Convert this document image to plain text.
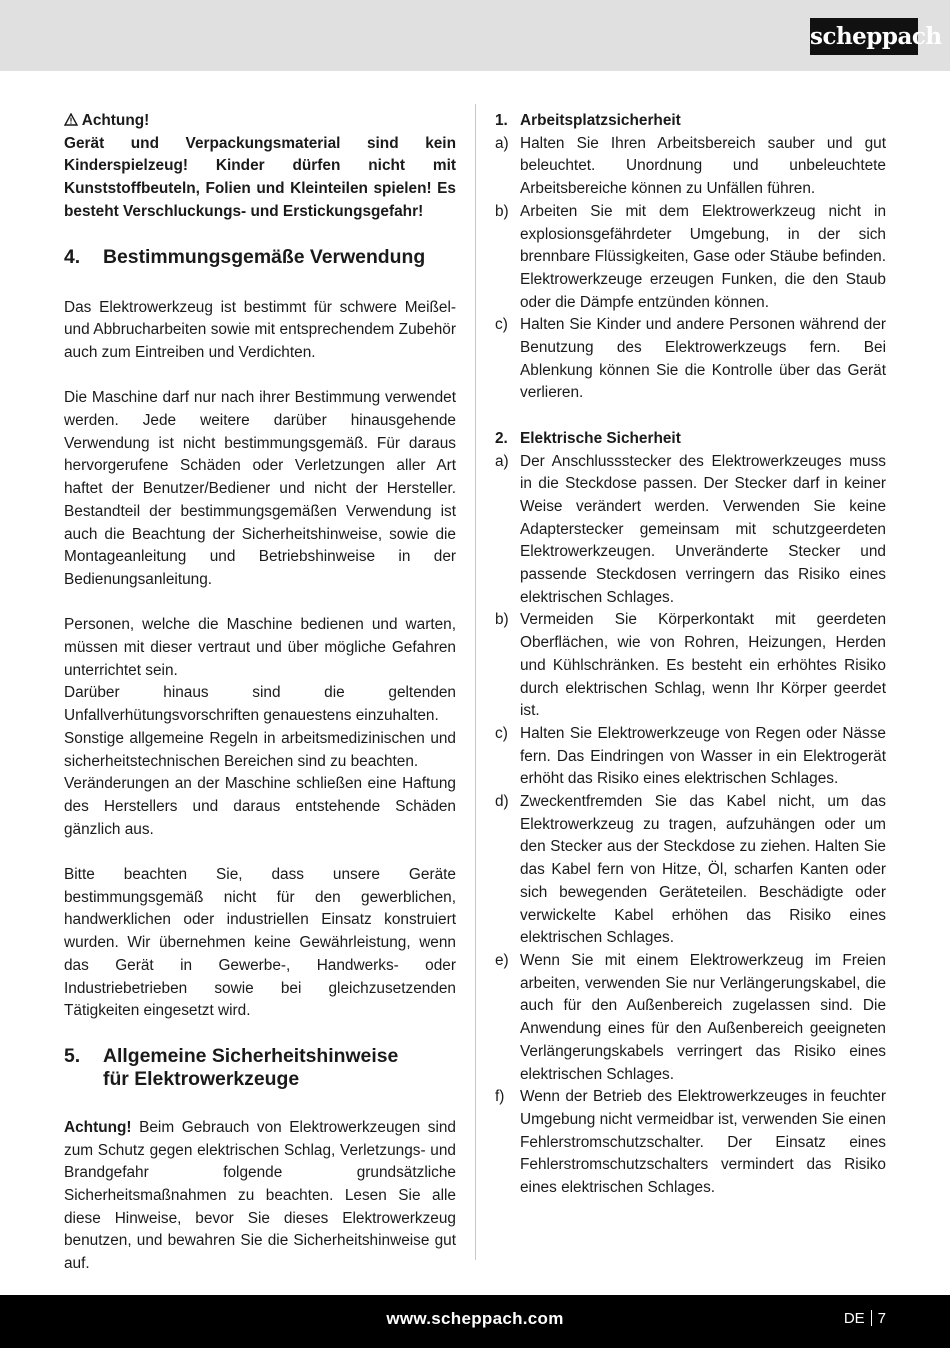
scheppach
Achtung!
Gerät und Verpackungsmaterial sind kein Kinderspielzeug! Kinder dürfen nicht mit Kunststoffbeuteln, Folien und Kleinteilen spielen! Es besteht Verschluckungs- und Erstickungsgefahr!
4.	Bestimmungsgemäße Verwendung
Das Elektrowerkzeug ist bestimmt für schwere Meißel- und Abbrucharbeiten sowie mit entsprechendem Zubehör auch zum Eintreiben und Verdichten.
Die Maschine darf nur nach ihrer Bestimmung verwendet werden. Jede weitere darüber hinausgehende Verwendung ist nicht bestimmungsgemäß. Für daraus hervorgerufene Schäden oder Verletzungen aller Art haftet der Benutzer/Bediener und nicht der Hersteller. Bestandteil der bestimmungsgemäßen Verwendung ist auch die Beachtung der Sicherheitshinweise, sowie die Montageanleitung und Betriebshinweise in der Bedienungsanleitung.
Personen, welche die Maschine bedienen und warten, müssen mit dieser vertraut und über mögliche Gefahren unterrichtet sein.
Darüber hinaus sind die geltenden Unfallverhütungsvorschriften genauestens einzuhalten.
Sonstige allgemeine Regeln in arbeitsmedizinischen und sicherheitstechnischen Bereichen sind zu beachten.
Veränderungen an der Maschine schließen eine Haftung des Herstellers und daraus entstehende Schäden gänzlich aus.
Bitte beachten Sie, dass unsere Geräte bestimmungsgemäß nicht für den gewerblichen, handwerklichen oder industriellen Einsatz konstruiert wurden. Wir übernehmen keine Gewährleistung, wenn das Gerät in Gewerbe-, Handwerks- oder Industriebetrieben sowie bei gleichzusetzenden Tätigkeiten eingesetzt wird.
5.	Allgemeine Sicherheitshinweise
für Elektrowerkzeuge
Achtung! Beim Gebrauch von Elektrowerkzeugen sind zum Schutz gegen elektrischen Schlag, Verletzungs- und Brandgefahr folgende grundsätzliche Sicherheitsmaßnahmen zu beachten. Lesen Sie alle diese Hinweise, bevor Sie dieses Elektrowerkzeug benutzen, und bewahren Sie die Sicherheitshinweise gut auf.
1. Arbeitsplatzsicherheit
a) Halten Sie Ihren Arbeitsbereich sauber und gut beleuchtet. Unordnung und unbeleuchtete Arbeitsbereiche können zu Unfällen führen.
b) Arbeiten Sie mit dem Elektrowerkzeug nicht in explosionsgefährdeter Umgebung, in der sich brennbare Flüssigkeiten, Gase oder Stäube befinden. Elektrowerkzeuge erzeugen Funken, die den Staub oder die Dämpfe entzünden können.
c) Halten Sie Kinder und andere Personen während der Benutzung des Elektrowerkzeugs fern. Bei Ablenkung können Sie die Kontrolle über das Gerät verlieren.
2. Elektrische Sicherheit
a) Der Anschlussstecker des Elektrowerkzeuges muss in die Steckdose passen. Der Stecker darf in keiner Weise verändert werden. Verwenden Sie keine Adapterstecker gemeinsam mit schutzgeerdeten Elektrowerkzeugen. Unveränderte Stecker und passende Steckdosen verringern das Risiko eines elektrischen Schlages.
b) Vermeiden Sie Körperkontakt mit geerdeten Oberflächen, wie von Rohren, Heizungen, Herden und Kühlschränken. Es besteht ein erhöhtes Risiko durch elektrischen Schlag, wenn Ihr Körper geerdet ist.
c) Halten Sie Elektrowerkzeuge von Regen oder Nässe fern. Das Eindringen von Wasser in ein Elektrogerät erhöht das Risiko eines elektrischen Schlages.
d) Zweckentfremden Sie das Kabel nicht, um das Elektrowerkzeug zu tragen, aufzuhängen oder um den Stecker aus der Steckdose zu ziehen. Halten Sie das Kabel fern von Hitze, Öl, scharfen Kanten oder sich bewegenden Geräteteilen. Beschädigte oder verwickelte Kabel erhöhen das Risiko eines elektrischen Schlages.
e) Wenn Sie mit einem Elektrowerkzeug im Freien arbeiten, verwenden Sie nur Verlängerungskabel, die auch für den Außenbereich zugelassen sind. Die Anwendung eines für den Außenbereich geeigneten Verlängerungskabels verringert das Risiko eines elektrischen Schlages.
f)	Wenn der Betrieb des Elektrowerkzeuges in feuchter Umgebung nicht vermeidbar ist, verwenden Sie einen Fehlerstromschutzschalter. Der Einsatz eines Fehlerstromschutzschalters vermindert das Risiko eines elektrischen Schlages.
www.scheppach.com	DE 7
